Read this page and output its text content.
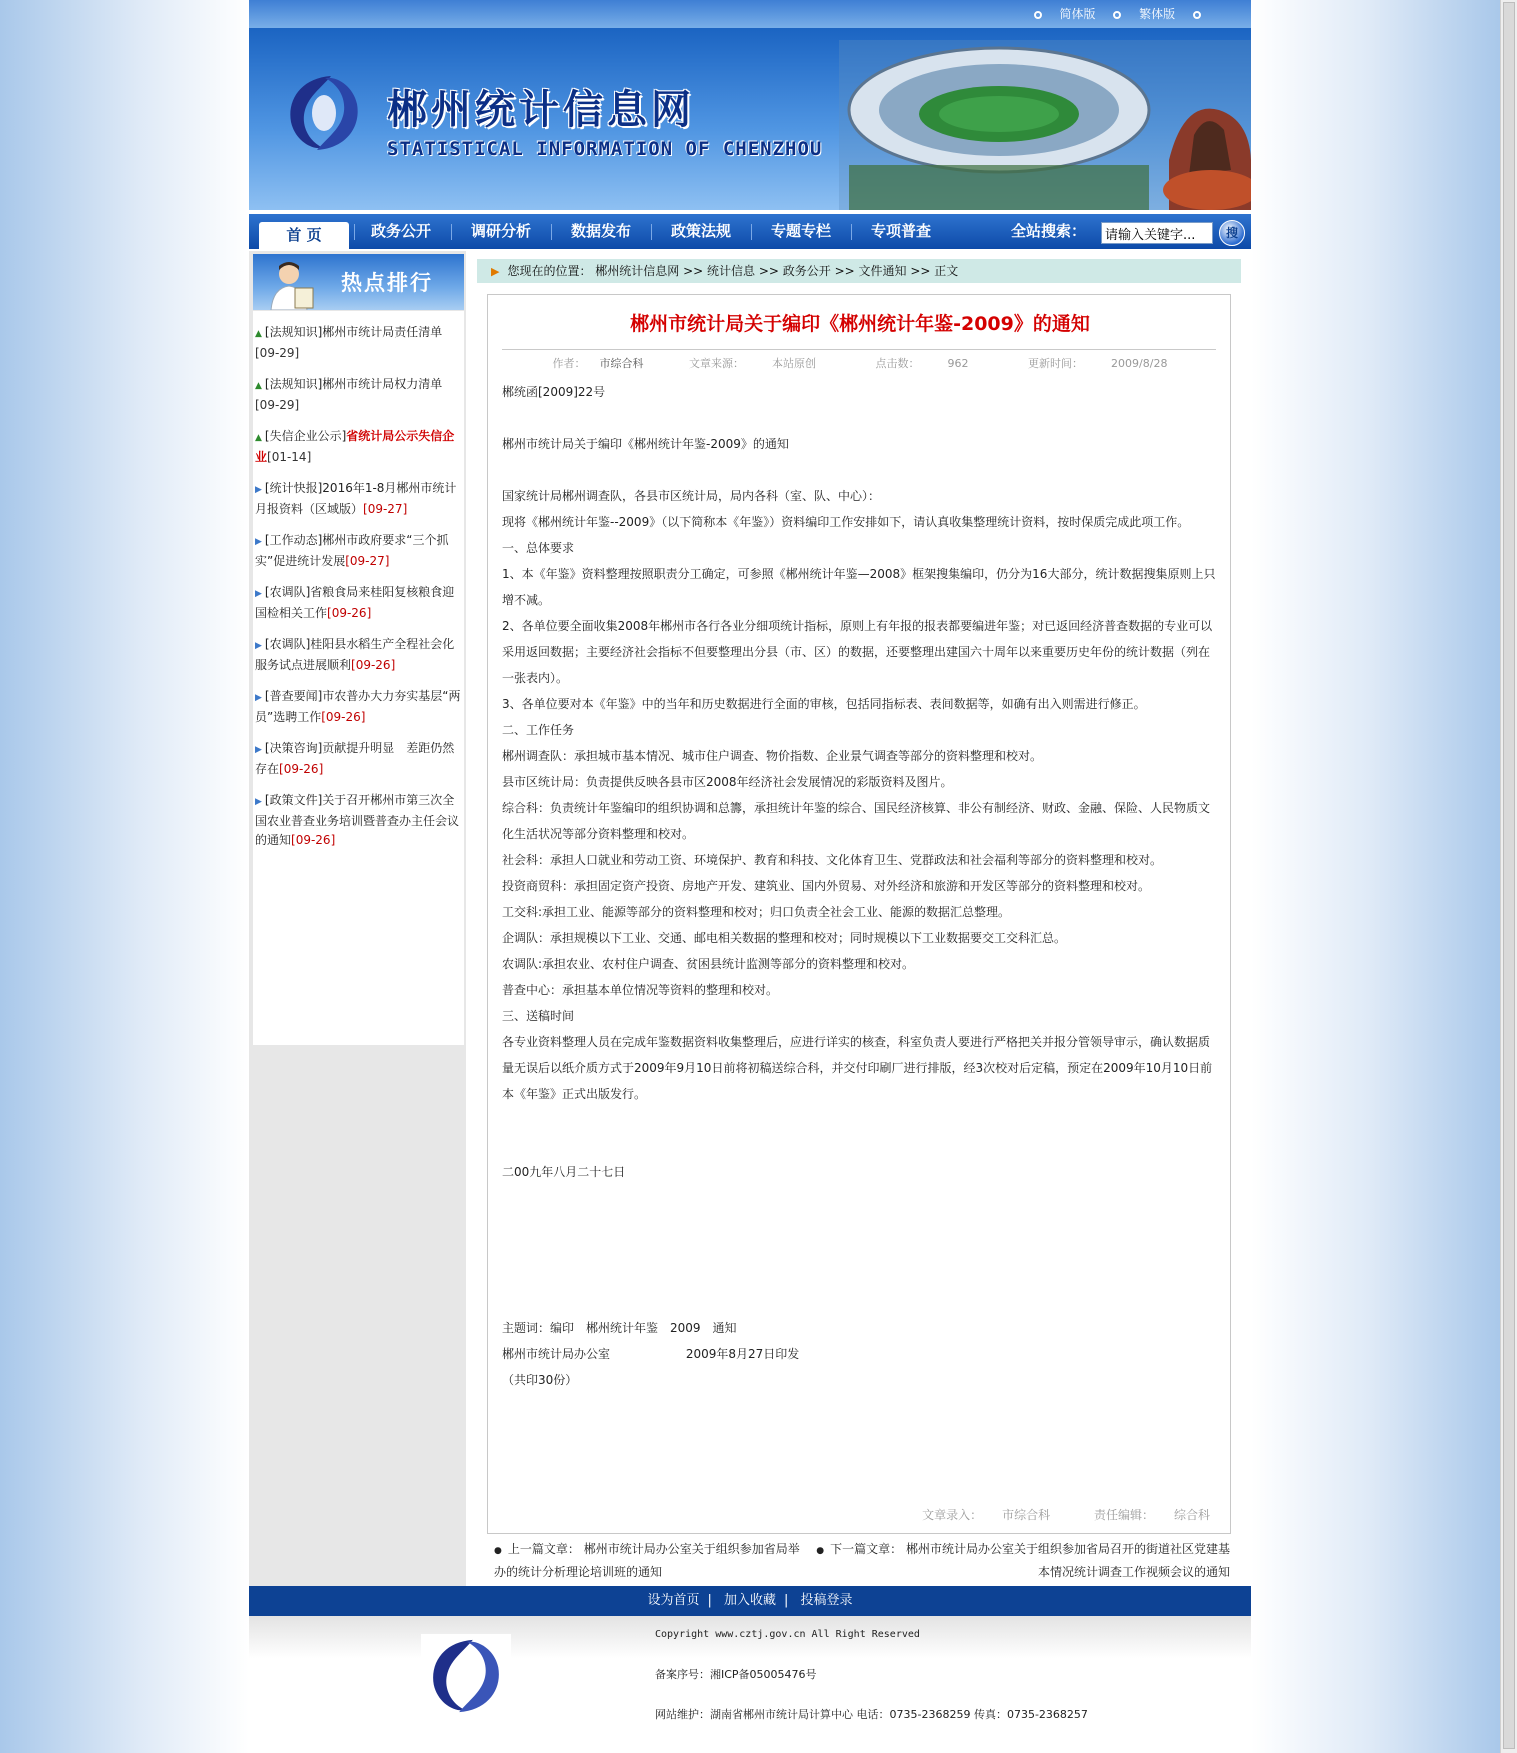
简体版	繁体版
郴州统计信息网
STATISTICAL INFORMATION OF CHENZHOU
首 页	政务公开	调研分析	数据发布	政策法规	专题专栏	专项普查	全站搜索：
请输入关键字...	搜
热点排行
▲ [法规知识]郴州市统计局责任清单[09-29]
▲ [法规知识]郴州市统计局权力清单[09-29]
▲ [失信企业公示]省统计局公示失信企业[01-14]
▶ [统计快报]2016年1-8月郴州市统计月报资料（区域版）[09-27]
▶ [工作动态]郴州市政府要求“三个抓实”促进统计发展[09-27]
▶ [农调队]省粮食局来桂阳复核粮食迎国检相关工作[09-26]
▶ [农调队]桂阳县水稻生产全程社会化服务试点进展顺利[09-26]
▶ [普查要闻]市农普办大力夯实基层“两员”选聘工作[09-26]
▶ [决策咨询]贡献提升明显　差距仍然存在[09-26]
▶ [政策文件]关于召开郴州市第三次全国农业普查业务培训暨普查办主任会议的通知[09-26]
▶ 您现在的位置： 郴州统计信息网 >> 统计信息 >> 政务公开 >> 文件通知 >> 正文
郴州市统计局关于编印《郴州统计年鉴-2009》的通知
作者： 市综合科	文章来源：	本站原创	点击数：	962	更新时间：	2009/8/28

郴统函[2009]22号

郴州市统计局关于编印《郴州统计年鉴-2009》的通知

国家统计局郴州调查队，各县市区统计局，局内各科（室、队、中心）：

现将《郴州统计年鉴--2009》（以下简称本《年鉴》）资料编印工作安排如下，请认真收集整理统计资料，按时保质完成此项工作。

一、总体要求

1、本《年鉴》资料整理按照职责分工确定，可参照《郴州统计年鉴—2008》框架搜集编印，仍分为16大部分，统计数据搜集原则上只增不减。

2、各单位要全面收集2008年郴州市各行各业分细项统计指标，原则上有年报的报表都要编进年鉴；对已返回经济普查数据的专业可以采用返回数据；主要经济社会指标不但要整理出分县（市、区）的数据，还要整理出建国六十周年以来重要历史年份的统计数据（列在一张表内）。

3、各单位要对本《年鉴》中的当年和历史数据进行全面的审核，包括同指标表、表间数据等，如确有出入则需进行修正。

二、工作任务

郴州调查队：承担城市基本情况、城市住户调查、物价指数、企业景气调查等部分的资料整理和校对。

县市区统计局：负责提供反映各县市区2008年经济社会发展情况的彩版资料及图片。

综合科：负责统计年鉴编印的组织协调和总籌，承担统计年鉴的综合、国民经济核算、非公有制经济、财政、金融、保险、人民物质文化生活状况等部分资料整理和校对。

社会科：承担人口就业和劳动工资、环境保护、教育和科技、文化体育卫生、党群政法和社会福利等部分的资料整理和校对。

投资商贸科：承担固定资产投资、房地产开发、建筑业、国内外贸易、对外经济和旅游和开发区等部分的资料整理和校对。

工交科:承担工业、能源等部分的资料整理和校对；归口负责全社会工业、能源的数据汇总整理。

企调队：承担规模以下工业、交通、邮电相关数据的整理和校对；同时规模以下工业数据要交工交科汇总。

农调队:承担农业、农村住户调查、贫困县统计监测等部分的资料整理和校对。

普查中心：承担基本单位情况等资料的整理和校对。

三、送稿时间

各专业资料整理人员在完成年鉴数据资料收集整理后，应进行详实的核查，科室负责人要进行严格把关并报分管领导审示，确认数据质量无误后以纸介质方式于2009年9月10日前将初稿送综合科，并交付印刷厂进行排版，经3次校对后定稿，预定在2009年10月10日前本《年鉴》正式出版发行。

二00九年八月二十七日

主题词：编印　郴州统计年鉴　2009　通知

郴州市统计局办公室　　　　　　 2009年8月27日印发

（共印30份）

文章录入： 市综合科	责任编辑： 综合科
● 上一篇文章： 郴州市统计局办公室关于组织参加省局举办的统计分析理论培训班的通知
● 下一篇文章： 郴州市统计局办公室关于组织参加省局召开的街道社区党建基本情况统计调查工作视频会议的通知
设为首页 | 加入收藏 | 投稿登录
Copyright www.cztj.gov.cn All Right Reserved
备案序号：湘ICP备05005476号
网站维护：湖南省郴州市统计局计算中心 电话：0735-2368259 传真：0735-2368257
